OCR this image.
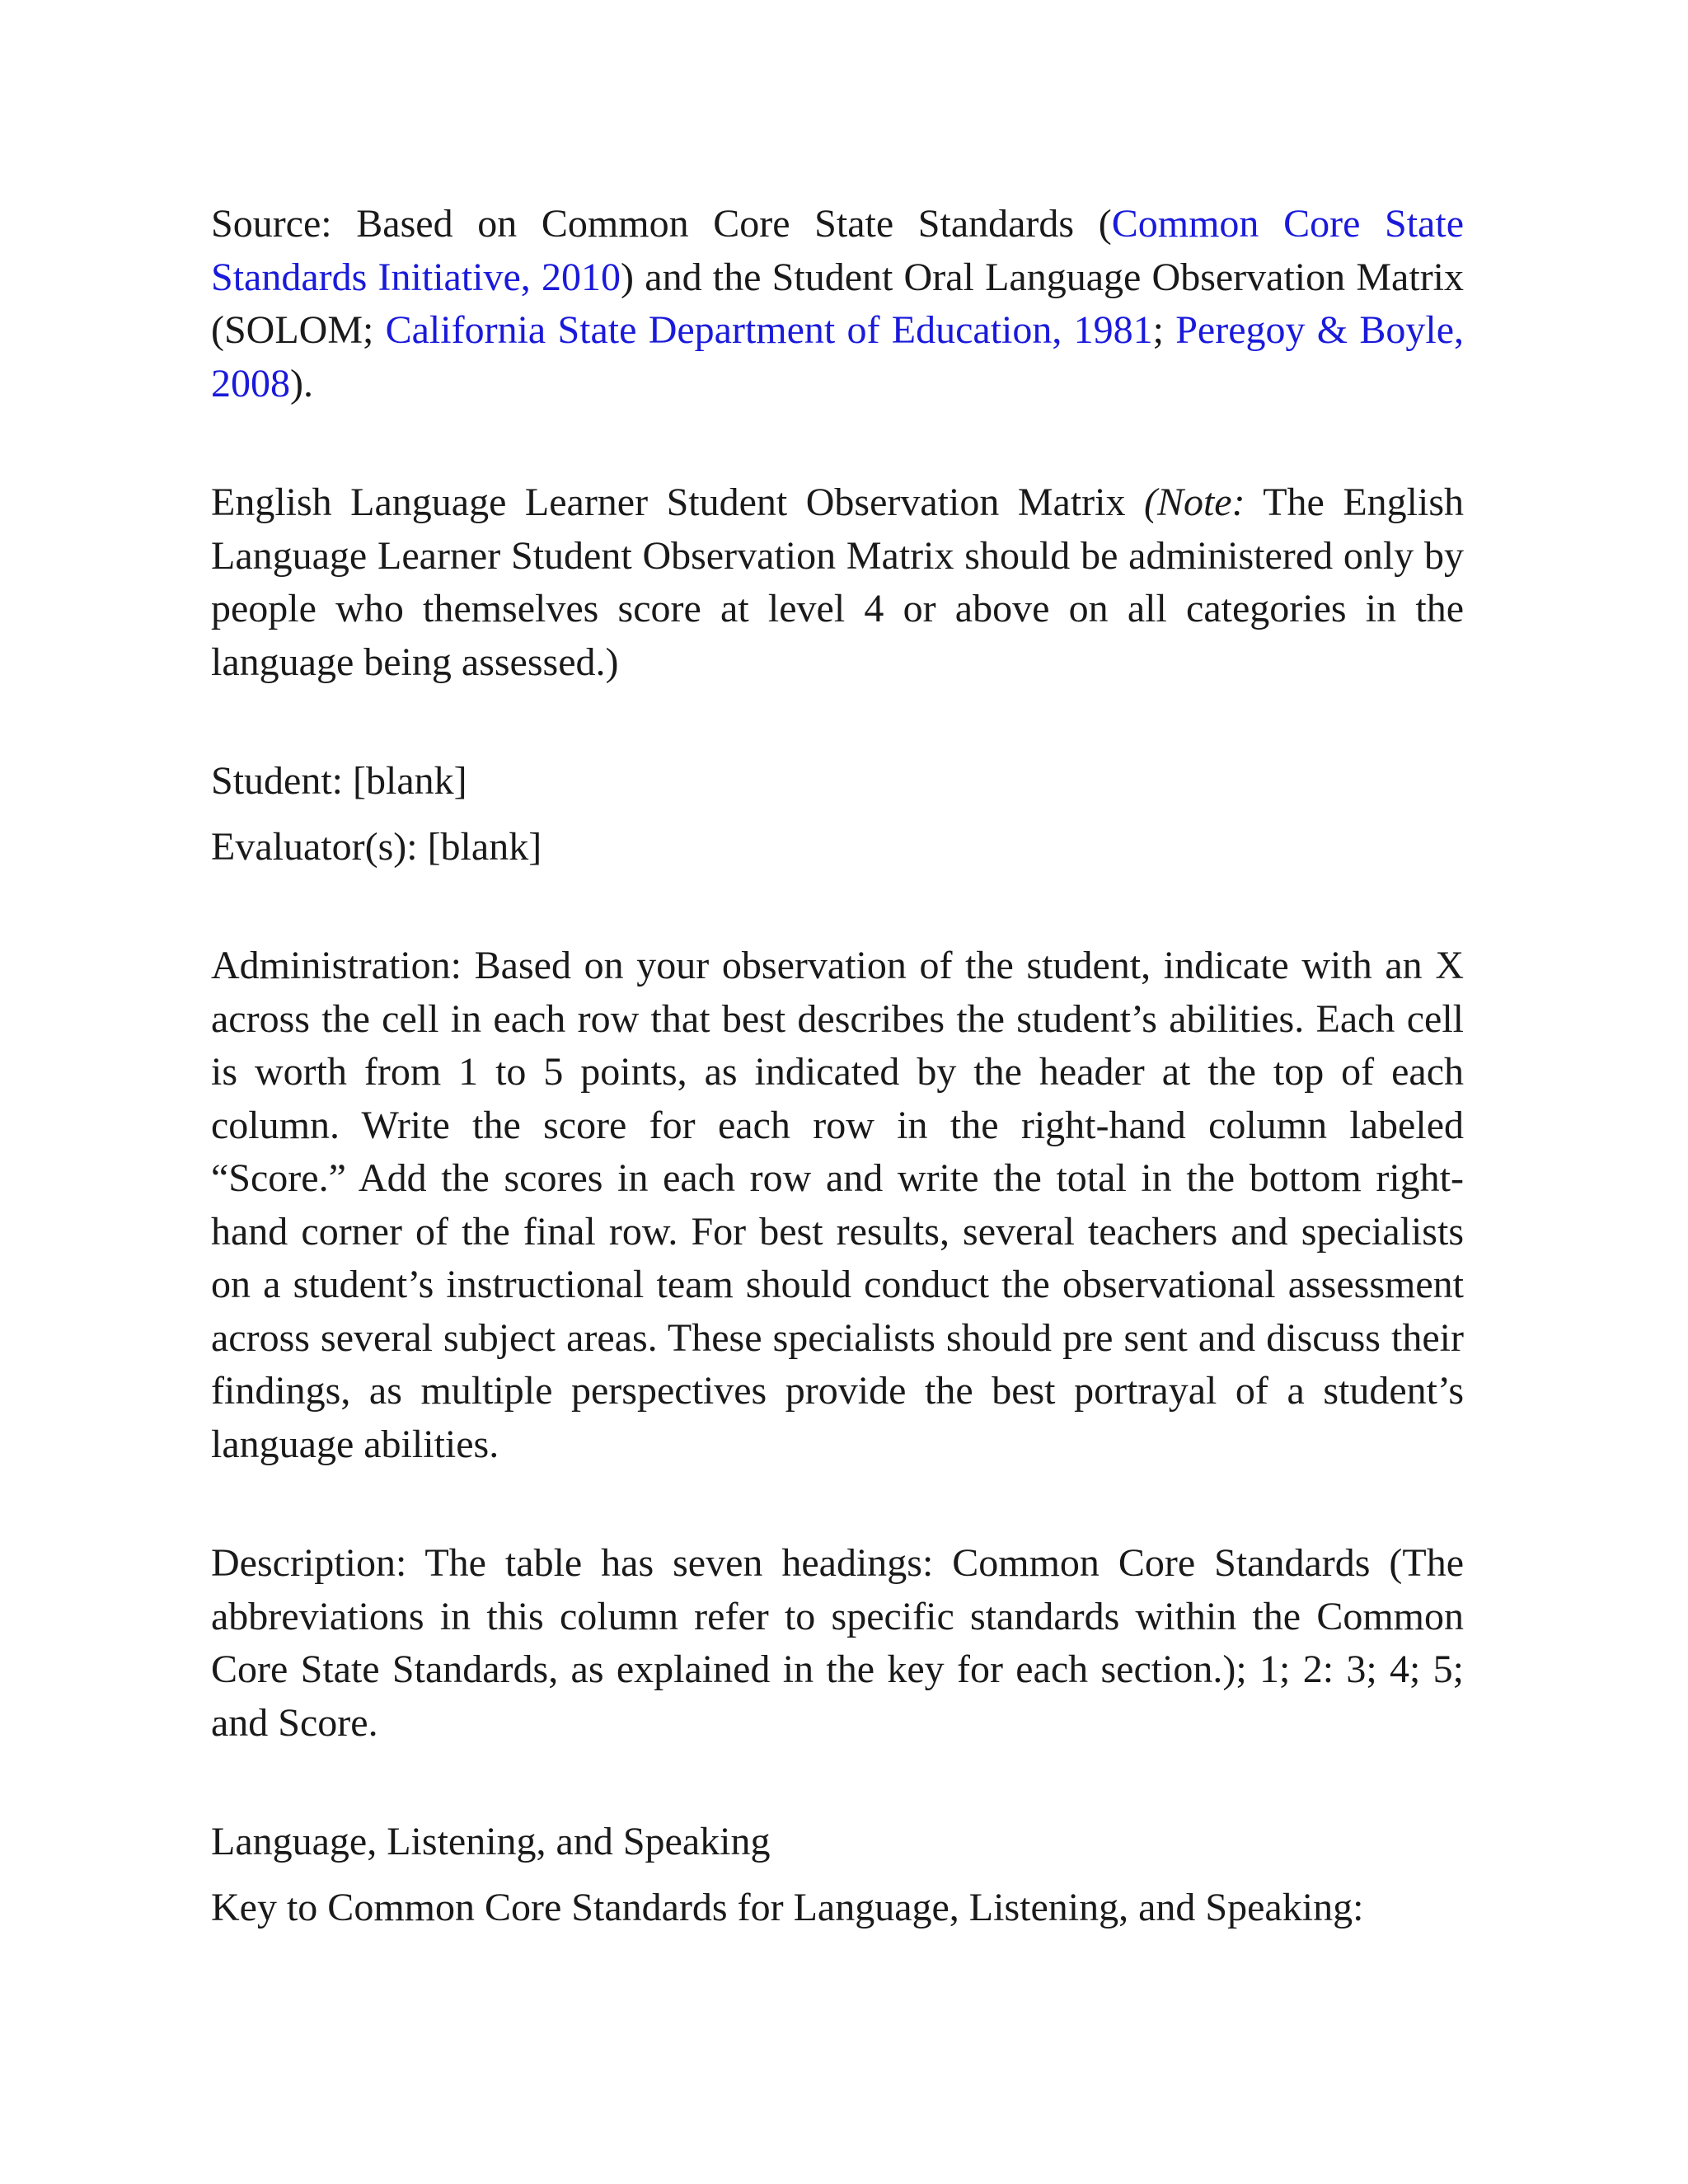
Source: Based on Common Core State Standards (Common Core State Standards Initiative, 2010) and the Student Oral Language Observation Matrix (SOLOM; California State Department of Education, 1981; Peregoy & Boyle, 2008).

English Language Learner Student Observation Matrix (Note: The English Language Learner Student Observation Matrix should be administered only by people who themselves score at level 4 or above on all categories in the language being assessed.)

Student: [blank]

Evaluator(s): [blank]

Administration: Based on your observation of the student, indicate with an X across the cell in each row that best describes the student’s abilities. Each cell is worth from 1 to 5 points, as indicated by the header at the top of each column. Write the score for each row in the right-hand column labeled “Score.” Add the scores in each row and write the total in the bottom right-hand corner of the final row. For best results, several teachers and specialists on a student’s instructional team should conduct the observational assessment across several subject areas. These specialists should pre sent and discuss their findings, as multiple perspectives provide the best portrayal of a student’s language abilities.

Description: The table has seven headings: Common Core Standards (The abbreviations in this column refer to specific standards within the Common Core State Standards, as explained in the key for each section.); 1; 2: 3; 4; 5; and Score.

Language, Listening, and Speaking

Key to Common Core Standards for Language, Listening, and Speaking:
